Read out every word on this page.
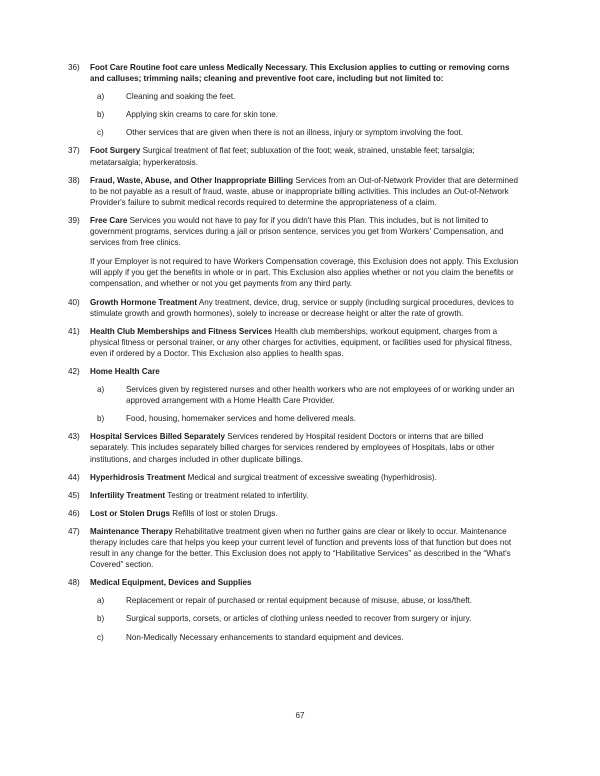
36)	Foot Care Routine foot care unless Medically Necessary. This Exclusion applies to cutting or removing corns and calluses; trimming nails; cleaning and preventive foot care, including but not limited to:
a)	Cleaning and soaking the feet.
b)	Applying skin creams to care for skin tone.
c)	Other services that are given when there is not an illness, injury or symptom involving the foot.
37)	Foot Surgery Surgical treatment of flat feet; subluxation of the foot; weak, strained, unstable feet; tarsalgia; metatarsalgia; hyperkeratosis.
38)	Fraud, Waste, Abuse, and Other Inappropriate Billing Services from an Out-of-Network Provider that are determined to be not payable as a result of fraud, waste, abuse or inappropriate billing activities. This includes an Out-of-Network Provider's failure to submit medical records required to determine the appropriateness of a claim.
39)	Free Care Services you would not have to pay for if you didn't have this Plan. This includes, but is not limited to government programs, services during a jail or prison sentence, services you get from Workers' Compensation, and services from free clinics.
If your Employer is not required to have Workers Compensation coverage, this Exclusion does not apply. This Exclusion will apply if you get the benefits in whole or in part. This Exclusion also applies whether or not you claim the benefits or compensation, and whether or not you get payments from any third party.
40)	Growth Hormone Treatment Any treatment, device, drug, service or supply (including surgical procedures, devices to stimulate growth and growth hormones), solely to increase or decrease height or alter the rate of growth.
41)	Health Club Memberships and Fitness Services Health club memberships, workout equipment, charges from a physical fitness or personal trainer, or any other charges for activities, equipment, or facilities used for physical fitness, even if ordered by a Doctor. This Exclusion also applies to health spas.
42)	Home Health Care
a)	Services given by registered nurses and other health workers who are not employees of or working under an approved arrangement with a Home Health Care Provider.
b)	Food, housing, homemaker services and home delivered meals.
43)	Hospital Services Billed Separately Services rendered by Hospital resident Doctors or interns that are billed separately. This includes separately billed charges for services rendered by employees of Hospitals, labs or other institutions, and charges included in other duplicate billings.
44)	Hyperhidrosis Treatment Medical and surgical treatment of excessive sweating (hyperhidrosis).
45)	Infertility Treatment Testing or treatment related to infertility.
46)	Lost or Stolen Drugs Refills of lost or stolen Drugs.
47)	Maintenance Therapy Rehabilitative treatment given when no further gains are clear or likely to occur. Maintenance therapy includes care that helps you keep your current level of function and prevents loss of that function but does not result in any change for the better. This Exclusion does not apply to “Habilitative Services” as described in the “What's Covered” section.
48)	Medical Equipment, Devices and Supplies
a)	Replacement or repair of purchased or rental equipment because of misuse, abuse, or loss/theft.
b)	Surgical supports, corsets, or articles of clothing unless needed to recover from surgery or injury.
c)	Non-Medically Necessary enhancements to standard equipment and devices.
67
